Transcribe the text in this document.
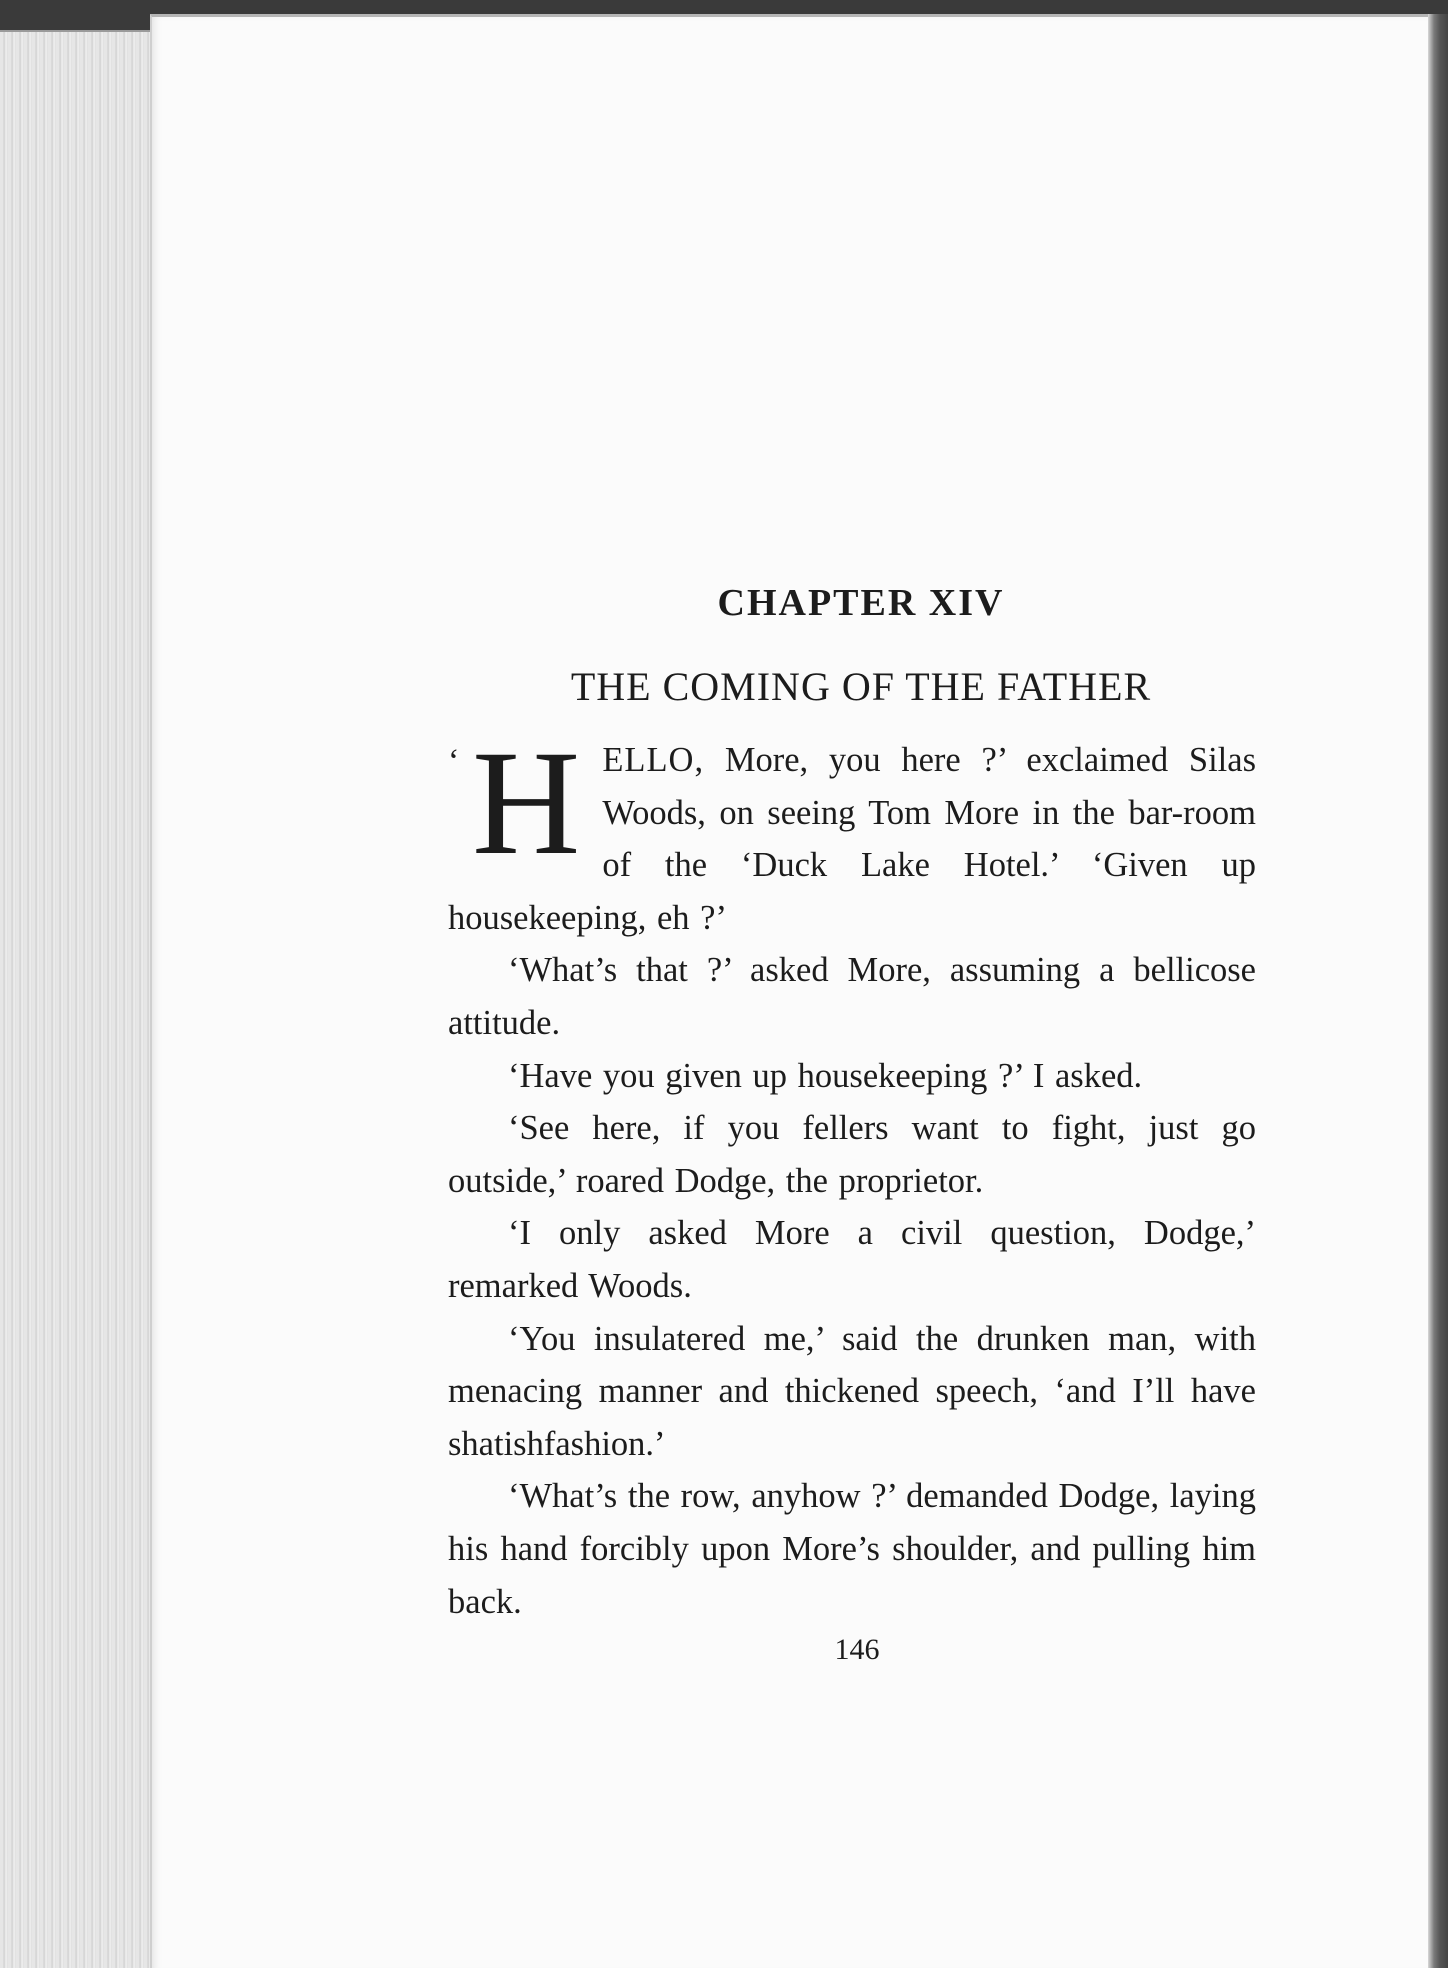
CHAPTER XIV
THE COMING OF THE FATHER

‘ H ELLO, More, you here ?’ exclaimed Silas Woods, on seeing Tom More in the bar-room of the ‘Duck Lake Hotel.’ ‘Given up housekeeping, eh ?’

‘What’s that ?’ asked More, assuming a bellicose attitude.

‘Have you given up housekeeping ?’ I asked.

‘See here, if you fellers want to fight, just go outside,’ roared Dodge, the proprietor.

‘I only asked More a civil question, Dodge,’ remarked Woods.

‘You insulatered me,’ said the drunken man, with menacing manner and thickened speech, ‘and I’ll have shatishfashion.’

‘What’s the row, anyhow ?’ demanded Dodge, laying his hand forcibly upon More’s shoulder, and pulling him back.

146
